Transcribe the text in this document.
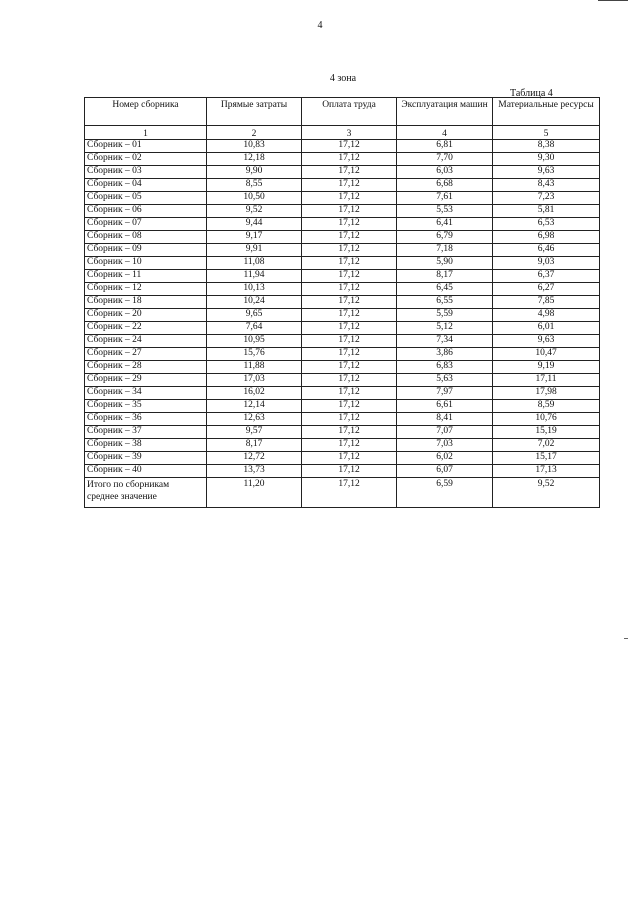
4
4 зона
Таблица 4
Номер сборника	Прямые затраты	Оплата труда	Эксплуатация машин	Материальные ресурсы
1	2	3	4	5
Сборник – 01	10,83	17,12	6,81	8,38
Сборник – 02	12,18	17,12	7,70	9,30
Сборник – 03	9,90	17,12	6,03	9,63
Сборник – 04	8,55	17,12	6,68	8,43
Сборник – 05	10,50	17,12	7,61	7,23
Сборник – 06	9,52	17,12	5,53	5,81
Сборник – 07	9,44	17,12	6,41	6,53
Сборник – 08	9,17	17,12	6,79	6,98
Сборник – 09	9,91	17,12	7,18	6,46
Сборник – 10	11,08	17,12	5,90	9,03
Сборник – 11	11,94	17,12	8,17	6,37
Сборник – 12	10,13	17,12	6,45	6,27
Сборник – 18	10,24	17,12	6,55	7,85
Сборник – 20	9,65	17,12	5,59	4,98
Сборник – 22	7,64	17,12	5,12	6,01
Сборник – 24	10,95	17,12	7,34	9,63
Сборник – 27	15,76	17,12	3,86	10,47
Сборник – 28	11,88	17,12	6,83	9,19
Сборник – 29	17,03	17,12	5,63	17,11
Сборник – 34	16,02	17,12	7,97	17,98
Сборник – 35	12,14	17,12	6,61	8,59
Сборник – 36	12,63	17,12	8,41	10,76
Сборник – 37	9,57	17,12	7,07	15,19
Сборник – 38	8,17	17,12	7,03	7,02
Сборник – 39	12,72	17,12	6,02	15,17
Сборник – 40	13,73	17,12	6,07	17,13

Итого по сборникам
среднее значение	11,20	17,12	6,59	9,52
